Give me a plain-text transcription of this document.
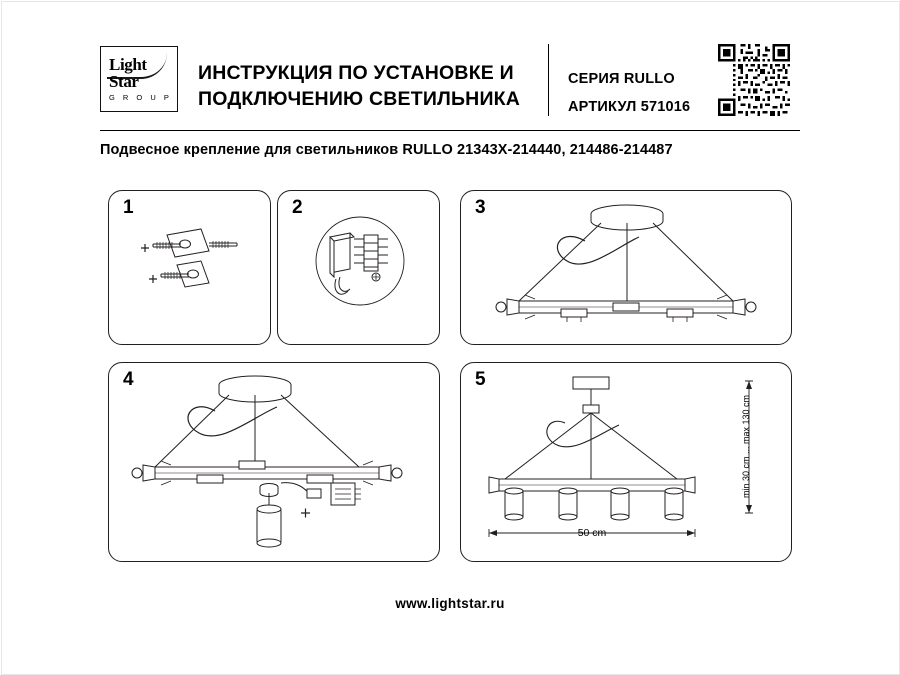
Light
Star
G R O U P
ИНСТРУКЦИЯ ПО УСТАНОВКЕ И
ПОДКЛЮЧЕНИЮ СВЕТИЛЬНИКА
СЕРИЯ RULLO
АРТИКУЛ 571016
Подвесное крепление для светильников RULLO 21343Х-214440, 214486-214487
1	2	3
4	5
50 cm
min 30 cm ... max 130 cm
www.lightstar.ru
